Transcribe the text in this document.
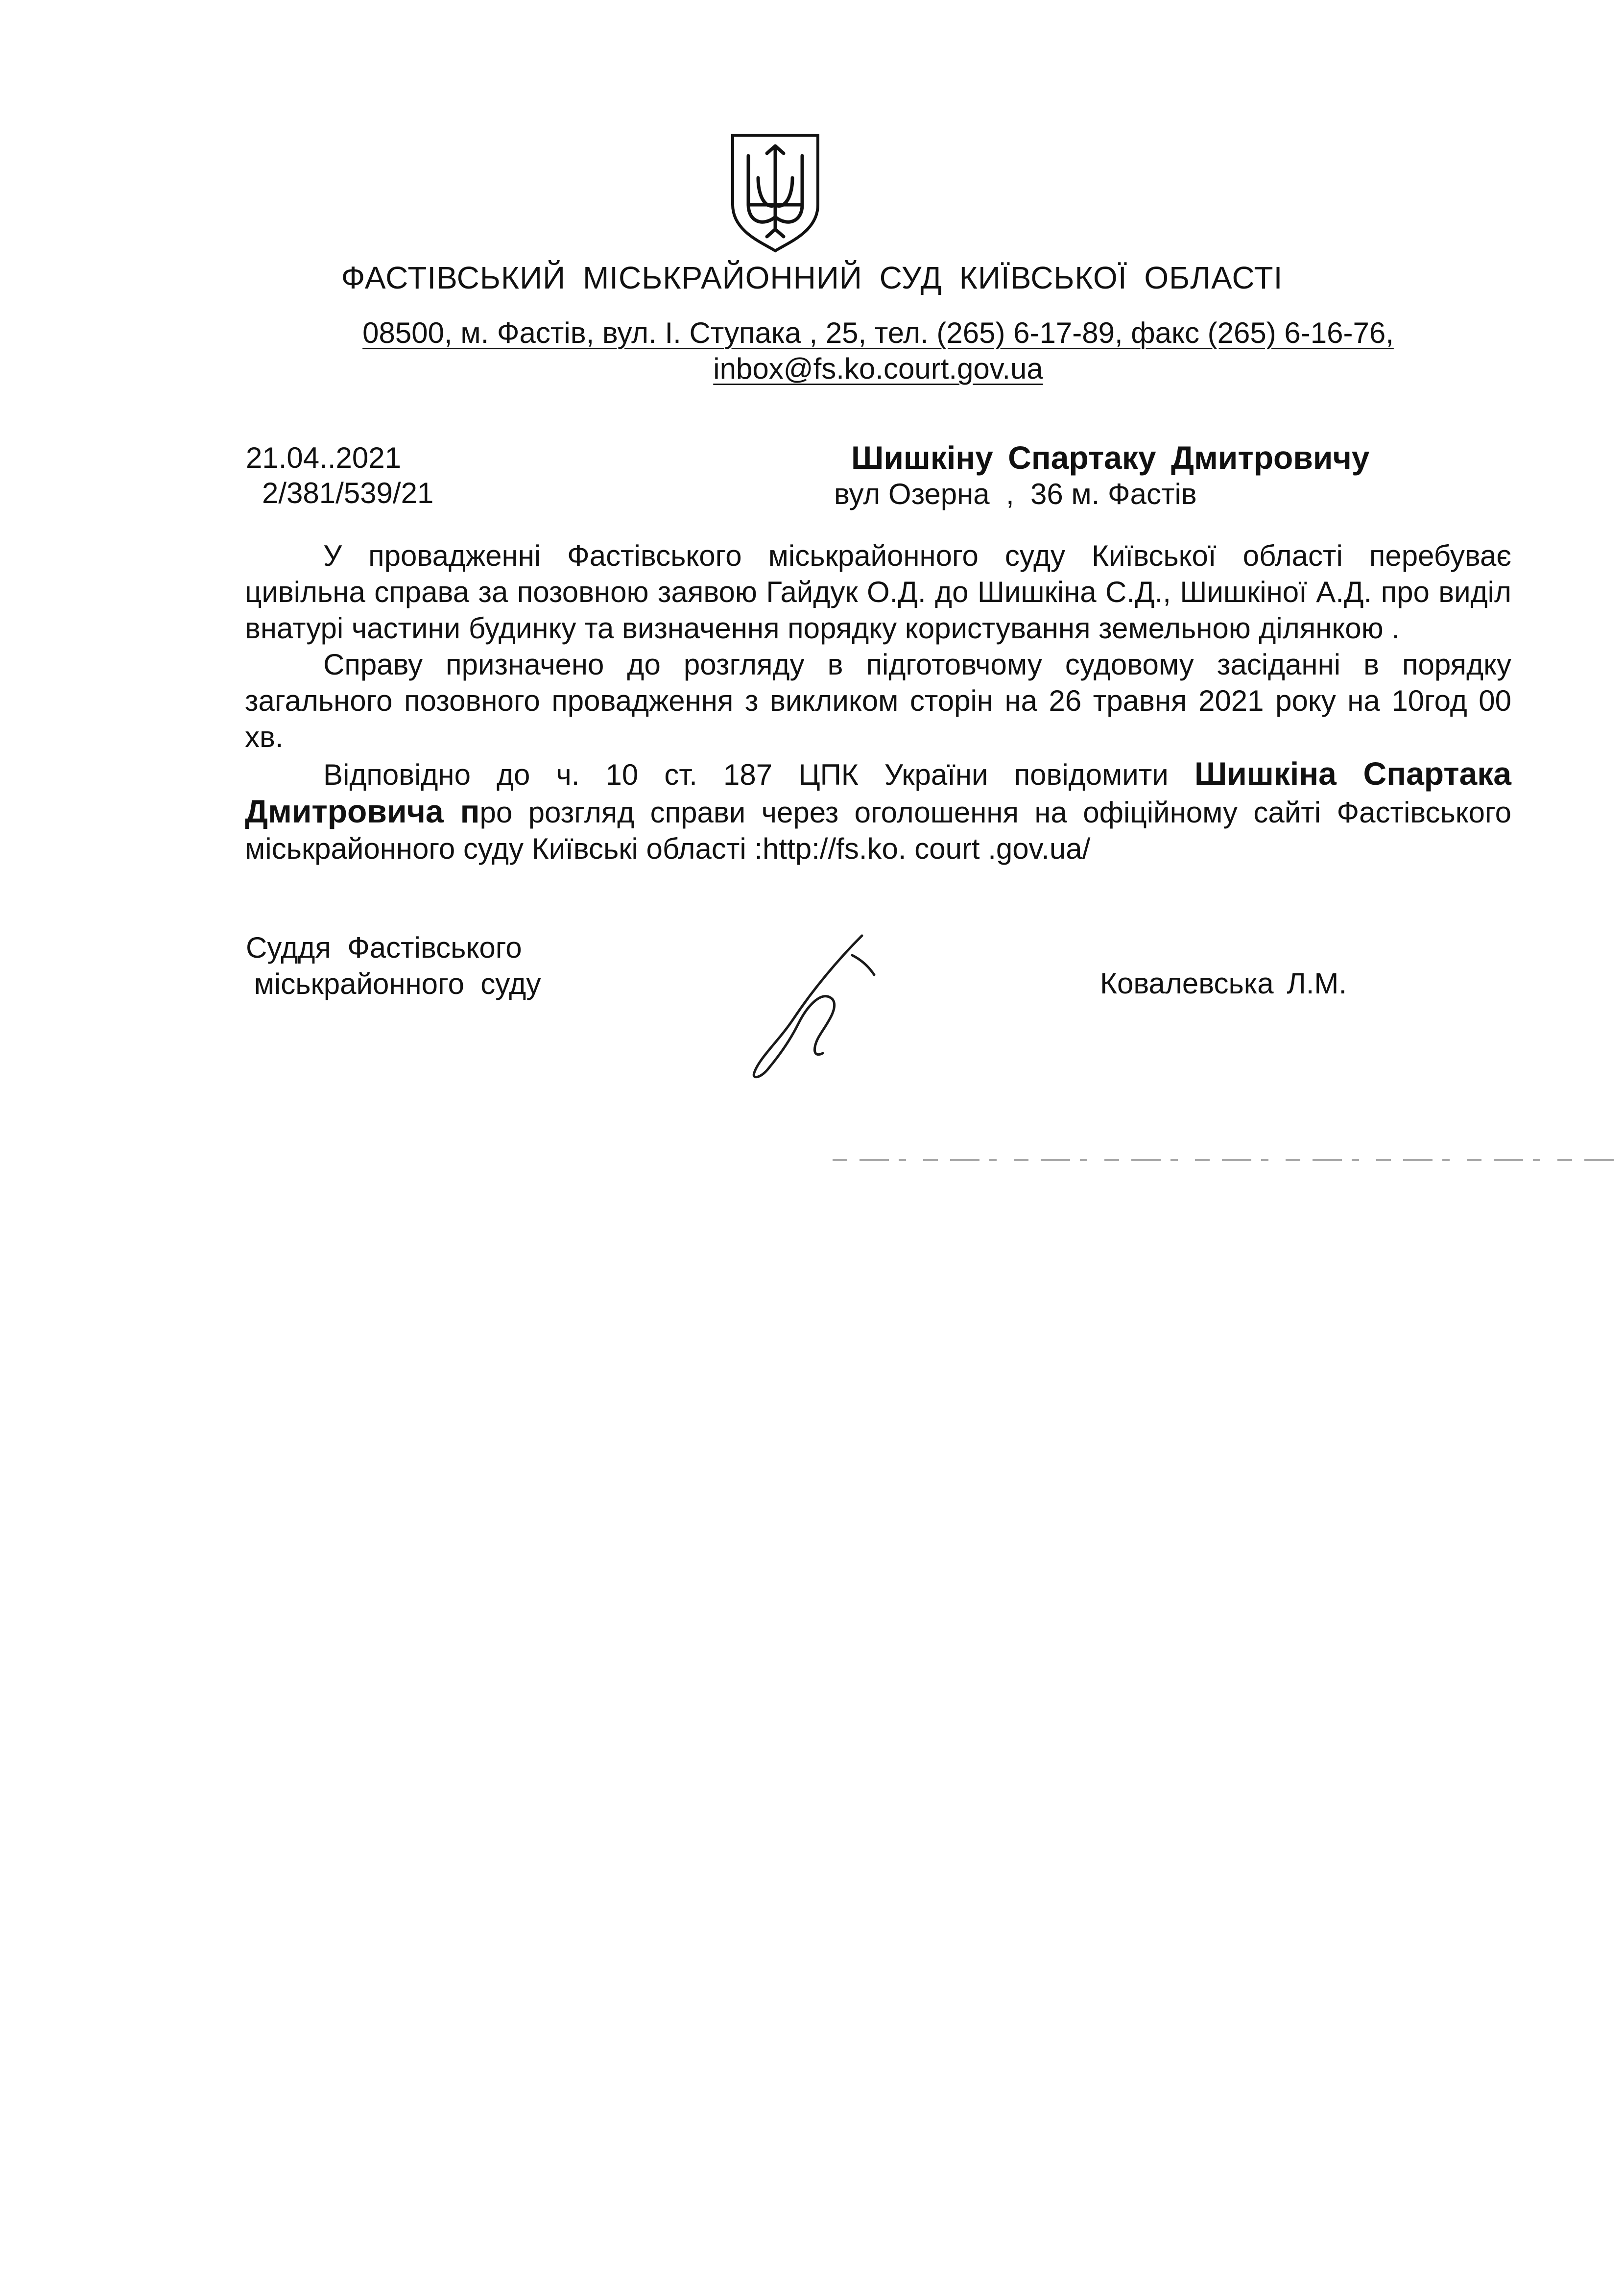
ФАСТІВСЬКИЙ МІСЬКРАЙОННИЙ СУД КИЇВСЬКОЇ ОБЛАСТІ
08500, м. Фастів, вул. І. Ступака , 25, тел. (265) 6-17-89, факс (265) 6-16-76,
inbox@fs.ko.court.gov.ua
21.04..2021
2/381/539/21
Шишкіну Спартаку Дмитровичу
вул Озерна  ,  36 м. Фастів

У провадженні Фастівського міськрайонного суду Київської області перебуває цивільна справа за позовною заявою Гайдук О.Д. до Шишкіна С.Д., Шишкіної А.Д. про виділ внатурі частини будинку та визначення порядку користування земельною ділянкою .

Справу призначено до розгляду в підготовчому судовому засіданні в порядку загального позовного провадження з викликом сторін на 26 травня 2021 року на 10год 00 хв.

Відповідно до ч. 10 ст. 187 ЦПК України повідомити Шишкіна Спартака Дмитровича про розгляд справи через оголошення на офіційному сайті Фастівського міськрайонного суду Київські області :http://fs.ko. court .gov.ua/

Суддя  Фастівського
міськрайонного  суду	Ковалевська Л.М.
